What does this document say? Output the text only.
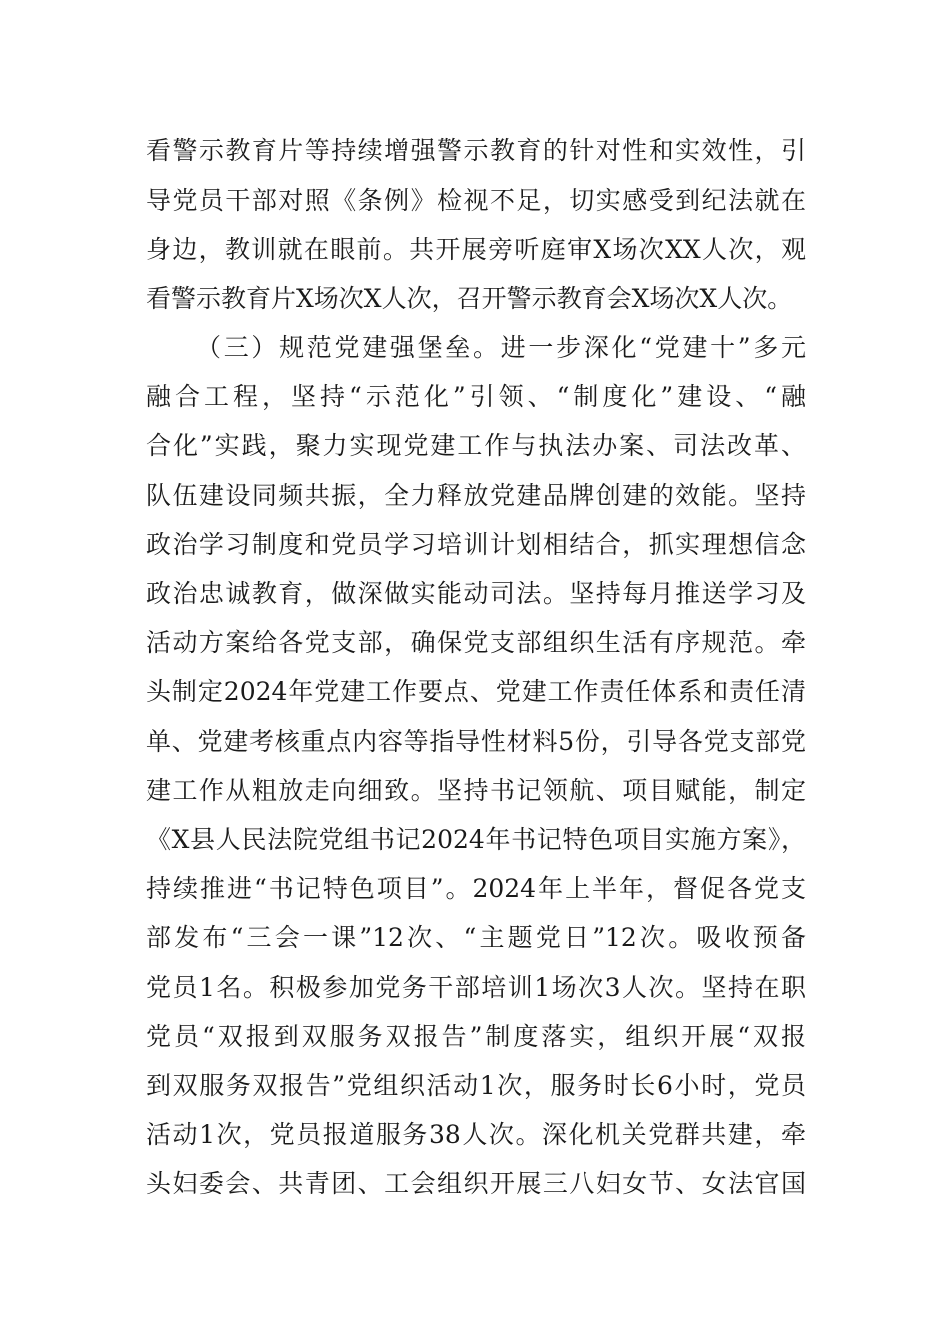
看警示教育片等持续增强警示教育的针对性和实效性，引
导党员干部对照《条例》检视不足，切实感受到纪法就在
身边，教训就在眼前。共开展旁听庭审X场次XX人次，观
看警示教育片X场次X人次，召开警示教育会X场次X人次。
（三）规范党建强堡垒。进一步深化“党建十”多元
融合工程，坚持“示范化”引领、“制度化”建设、“融
合化”实践，聚力实现党建工作与执法办案、司法改革、
队伍建设同频共振，全力释放党建品牌创建的效能。坚持
政治学习制度和党员学习培训计划相结合，抓实理想信念
政治忠诚教育，做深做实能动司法。坚持每月推送学习及
活动方案给各党支部，确保党支部组织生活有序规范。牵
头制定2024年党建工作要点、党建工作责任体系和责任清
单、党建考核重点内容等指导性材料5份，引导各党支部党
建工作从粗放走向细致。坚持书记领航、项目赋能，制定
《X县人民法院党组书记2024年书记特色项目实施方案》，
持续推进“书记特色项目”。2024年上半年，督促各党支
部发布“三会一课”12次、“主题党日”12次。吸收预备
党员1名。积极参加党务干部培训1场次3人次。坚持在职
党员“双报到双服务双报告”制度落实，组织开展“双报
到双服务双报告”党组织活动1次，服务时长6小时，党员
活动1次，党员报道服务38人次。深化机关党群共建，牵
头妇委会、共青团、工会组织开展三八妇女节、女法官国
